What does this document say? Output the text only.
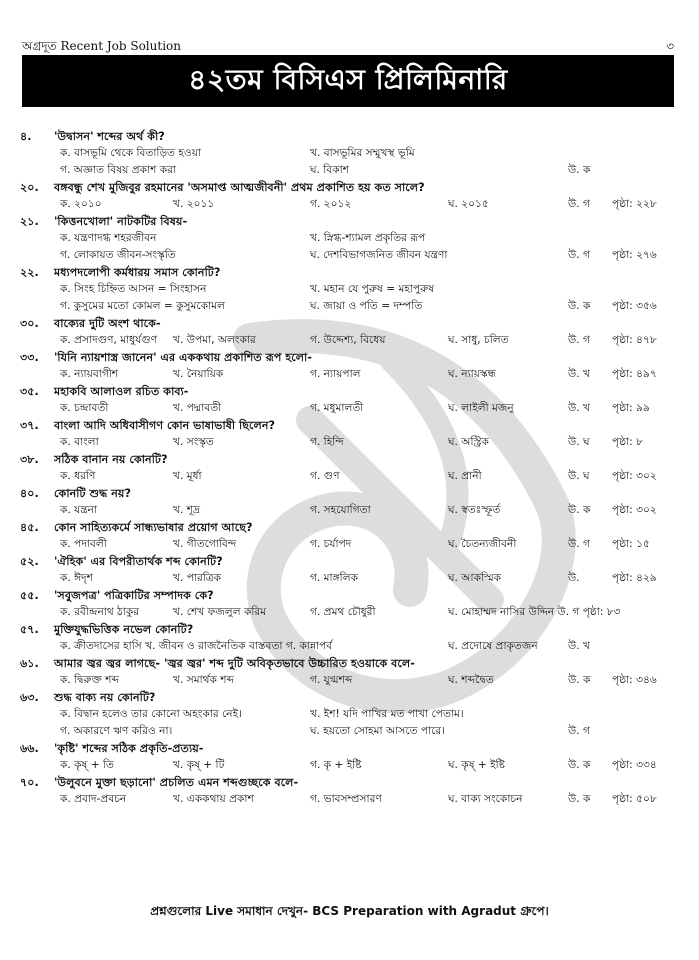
অগ্রদূত Recent Job Solution	৩
৪২তম বিসিএস প্রিলিমিনারি
৪.	'উদ্বাসন' শব্দের অর্থ কী?
ক. বাসভূমি থেকে বিতাড়িত হওয়া	খ. বাসভূমির সম্মুখস্থ ভূমি
গ. অজ্ঞাত বিষয় প্রকাশ করা	ঘ. বিকাশ	উ. ক
২০.	বঙ্গবন্ধু শেখ মুজিবুর রহমানের 'অসমাপ্ত আত্মজীবনী' প্রথম প্রকাশিত হয় কত সালে?
ক. ২০১০	খ. ২০১১	গ. ২০১২	ঘ. ২০১৫	উ. গ পৃষ্ঠা: ২২৮
২১.	'কিত্তনখোলা' নাটকটির বিষয়-
ক. যন্ত্রণাদগ্ধ শহরজীবন	খ. স্নিগ্ধ-শ্যামল প্রকৃতির রূপ
গ. লোকায়ত জীবন-সংস্কৃতি	ঘ. দেশবিভাগজনিত জীবন যন্ত্রণা	উ. গ পৃষ্ঠা: ২৭৬
২২.	মধ্যপদলোপী কর্মধারয় সমাস কোনটি?
ক. সিংহ চিহ্নিত আসন = সিংহাসন	খ. মহান যে পুরুষ = মহাপুরুষ
গ. কুসুমের মতো কোমল = কুসুমকোমল	ঘ. জায়া ও পতি = দম্পতি	উ. ক পৃষ্ঠা: ৩৫৬
৩০.	বাক্যের দুটি অংশ থাকে-
ক. প্রসাদগুণ, মাধুর্যগুণ খ. উপমা, অলংকার	গ. উদ্দেশ্য, বিধেয়	ঘ. সাধু, চলিত	উ. গ পৃষ্ঠা: ৪৭৮
৩৩.	'যিনি ন্যায়শাস্ত্র জানেন' এর এককথায় প্রকাশিত রূপ হলো-
ক. ন্যায়বাগীশ	খ. নৈয়ায়িক	গ. ন্যায়পাল	ঘ. ন্যায়স্কন্ধ	উ. খ পৃষ্ঠা: ৪৯৭
৩৫.	মহাকবি আলাওল রচিত কাব্য-
ক. চন্দ্রাবতী	খ. পদ্মাবতী	গ. মধুমালতী	ঘ. লাইলী মজনু	উ. খ পৃষ্ঠা: ৯৯
৩৭.	বাংলা আদি অধিবাসীগণ কোন ভাষাভাষী ছিলেন?
ক. বাংলা	খ. সংস্কৃত	গ. হিন্দি	ঘ. অস্ট্রিক	উ. ঘ পৃষ্ঠা: ৮
৩৮.	সঠিক বানান নয় কোনটি?
ক. ধরণি	খ. মূর্ধা	গ. গুণ	ঘ. প্রানী	উ. ঘ পৃষ্ঠা: ৩০২
৪০.	কোনটি শুদ্ধ নয়?
ক. যন্ত্রনা	খ. শূদ্র	গ. সহযোগিতা	ঘ. স্বতঃস্ফূর্ত	উ. ক পৃষ্ঠা: ৩০২
৪৫.	কোন সাহিত্যকর্মে সান্ধ্যভাষার প্রয়োগ আছে?
ক. পদাবলী	খ. গীতগোবিন্দ	গ. চর্যাপদ	ঘ. চৈতন্যজীবনী	উ. গ পৃষ্ঠা: ১৫
৫২.	'ঐহিক' এর বিপরীতার্থক শব্দ কোনটি?
ক. ঈদৃশ	খ. পারত্রিক	গ. মাঙ্গলিক	ঘ. আকস্মিক	উ.	পৃষ্ঠা: ৪২৯
৫৫.	'সবুজপত্র' পত্রিকাটির সম্পাদক কে?
ক. রবীন্দ্রনাথ ঠাকুর	খ. শেখ ফজলুল করিম	গ. প্রমথ চৌধুরী	ঘ. মোহাম্মদ নাসির উদ্দিন উ. গ পৃষ্ঠা: ৮৩
৫৭.	মুক্তিযুদ্ধভিত্তিক নভেল কোনটি?
ক. ক্রীতদাসের হাসি খ. জীবন ও রাজনৈতিক বাস্তবতা গ. কান্নাপর্ব	ঘ. প্রদোষে প্রাকৃতজন	উ. খ
৬১.	আমার জ্বর জ্বর লাগছে- 'জ্বর জ্বর' শব্দ দুটি অবিকৃতভাবে উচ্চারিত হওয়াকে বলে-
ক. দ্বিরুক্ত শব্দ	খ. সমার্থক শব্দ	গ. যুগ্মশব্দ	ঘ. শব্দদ্বৈত	উ. ক পৃষ্ঠা: ৩৪৬
৬৩.	শুদ্ধ বাক্য নয় কোনটি?
ক. বিদ্বান হলেও তার কোনো অহংকার নেই।	খ. ইশ! যদি পাখির মত পাখা পেতাম।
গ. অকারণে ঋণ করিও না।	ঘ. হয়তো সোহমা আসতে পারে।	উ. গ
৬৬.	'কৃষ্টি' শব্দের সঠিক প্রকৃতি-প্রত্যয়-
ক. কৃষ্ + তি	খ. কৃষ্ + টি	গ. কৃ + ইষ্টি	ঘ. কৃষ্ + ইষ্টি	উ. ক পৃষ্ঠা: ৩৩৪
৭০.	'উলুবনে মুক্তা ছড়ানো' প্রচলিত এমন শব্দগুচ্ছকে বলে-
ক. প্রবাদ-প্রবচন	খ. এককথায় প্রকাশ	গ. ভাবসম্প্রসারণ	ঘ. বাক্য সংকোচন	উ. ক পৃষ্ঠা: ৫০৮
প্রশ্নগুলোর Live সমাধান দেখুন- BCS Preparation with Agradut গ্রুপে।
